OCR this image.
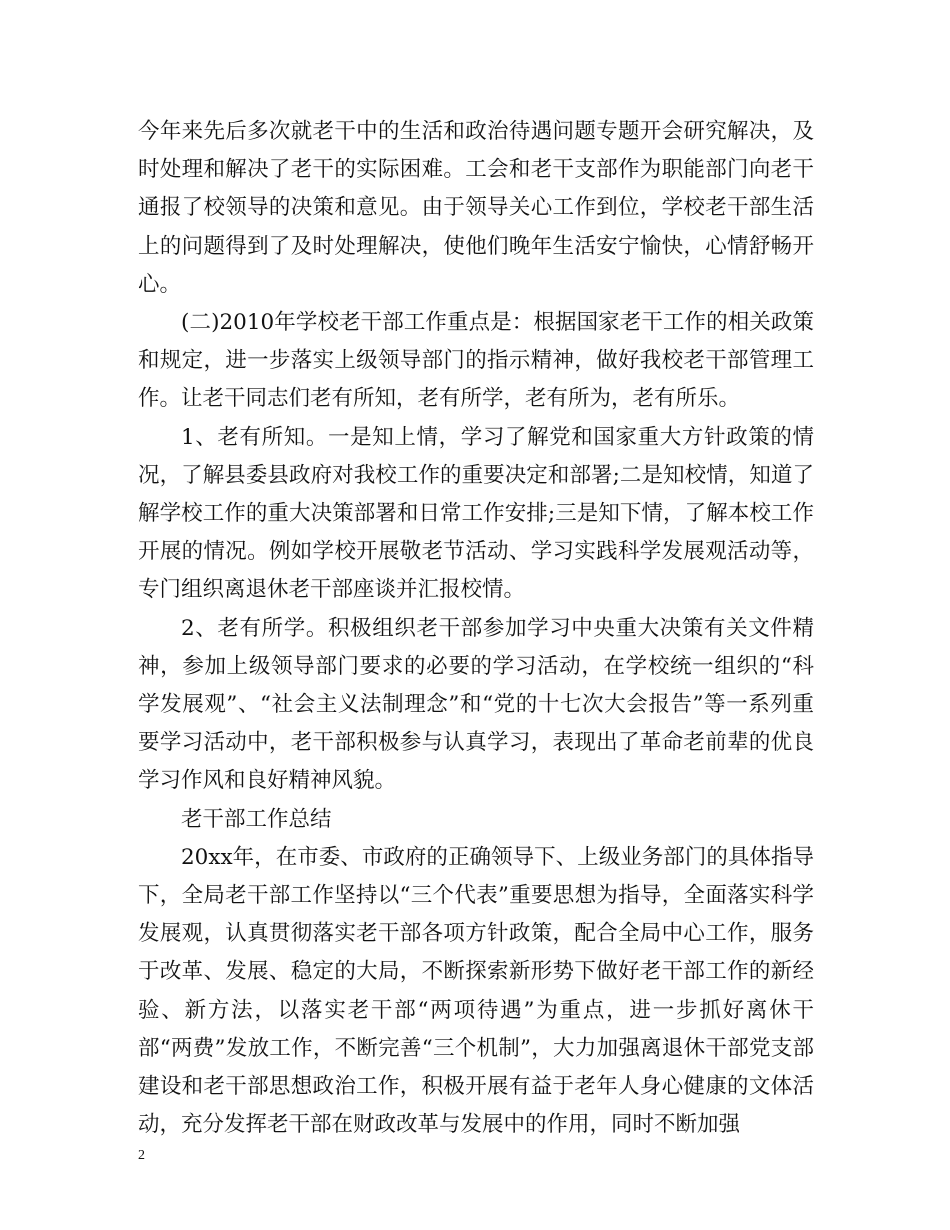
今年来先后多次就老干中的生活和政治待遇问题专题开会研究解决，及时处理和解决了老干的实际困难。工会和老干支部作为职能部门向老干通报了校领导的决策和意见。由于领导关心工作到位，学校老干部生活上的问题得到了及时处理解决，使他们晚年生活安宁愉快，心情舒畅开心。

(二)2010年学校老干部工作重点是：根据国家老干工作的相关政策和规定，进一步落实上级领导部门的指示精神，做好我校老干部管理工作。让老干同志们老有所知，老有所学，老有所为，老有所乐。

1、老有所知。一是知上情，学习了解党和国家重大方针政策的情况，了解县委县政府对我校工作的重要决定和部署;二是知校情，知道了解学校工作的重大决策部署和日常工作安排;三是知下情，了解本校工作开展的情况。例如学校开展敬老节活动、学习实践科学发展观活动等，专门组织离退休老干部座谈并汇报校情。

2、老有所学。积极组织老干部参加学习中央重大决策有关文件精神，参加上级领导部门要求的必要的学习活动，在学校统一组织的“科学发展观”、“社会主义法制理念”和“党的十七次大会报告”等一系列重要学习活动中，老干部积极参与认真学习，表现出了革命老前辈的优良学习作风和良好精神风貌。

老干部工作总结

20xx年，在市委、市政府的正确领导下、上级业务部门的具体指导下，全局老干部工作坚持以“三个代表”重要思想为指导，全面落实科学发展观，认真贯彻落实老干部各项方针政策，配合全局中心工作，服务于改革、发展、稳定的大局，不断探索新形势下做好老干部工作的新经验、新方法，以落实老干部“两项待遇”为重点，进一步抓好离休干部“两费”发放工作，不断完善“三个机制”，大力加强离退休干部党支部建设和老干部思想政治工作，积极开展有益于老年人身心健康的文体活动，充分发挥老干部在财政改革与发展中的作用，同时不断加强

2
